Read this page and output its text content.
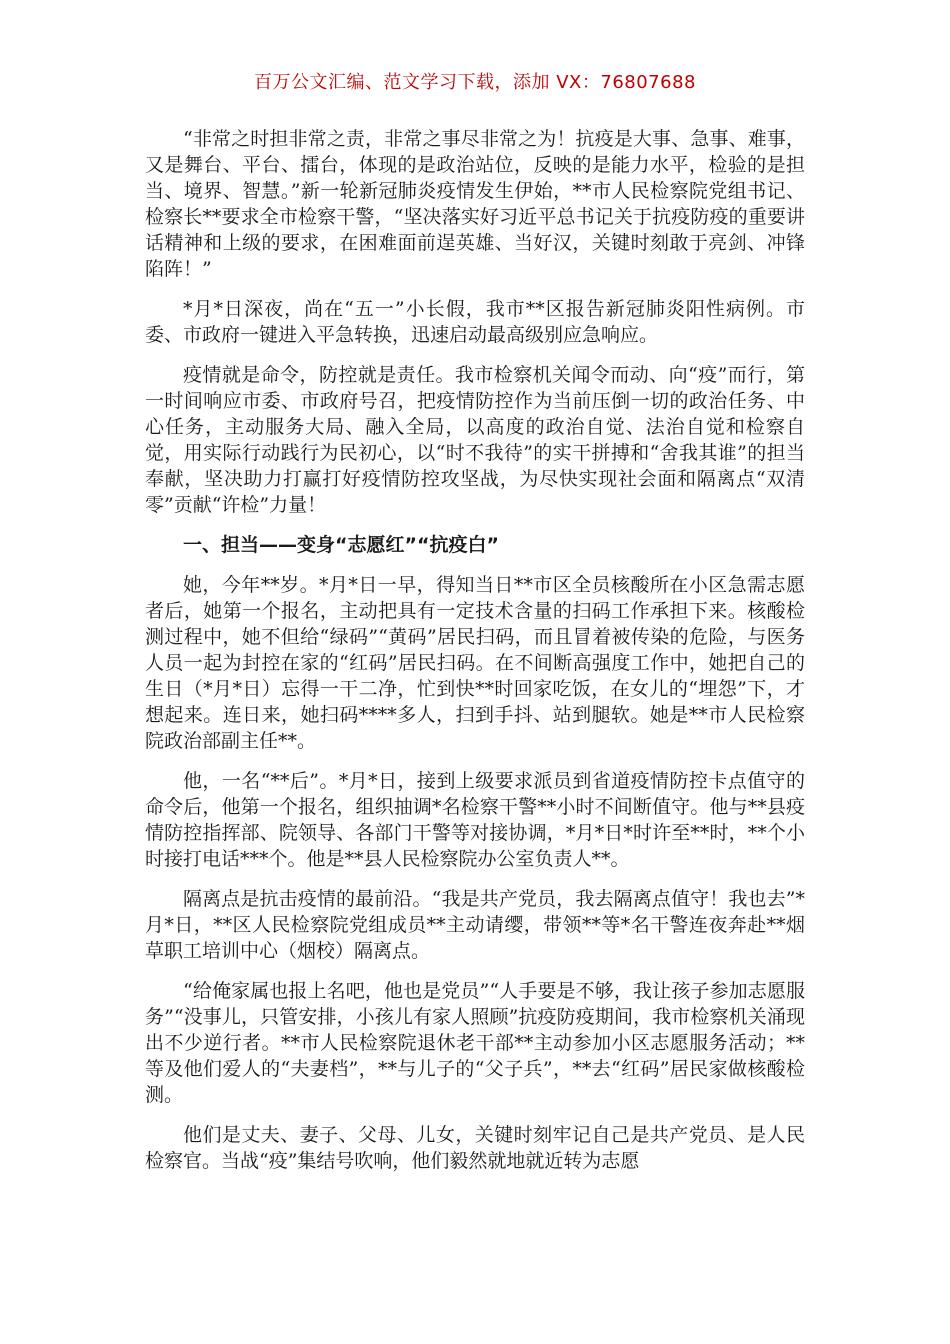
百万公文汇编、范文学习下载，添加 VX：76807688

“非常之时担非常之责，非常之事尽非常之为！抗疫是大事、急事、难事，又是舞台、平台、擂台，体现的是政治站位，反映的是能力水平，检验的是担当、境界、智慧。”新一轮新冠肺炎疫情发生伊始，**市人民检察院党组书记、检察长**要求全市检察干警，“坚决落实好习近平总书记关于抗疫防疫的重要讲话精神和上级的要求，在困难面前逞英雄、当好汉，关键时刻敢于亮剑、冲锋陷阵！”

*月*日深夜，尚在“五一”小长假，我市**区报告新冠肺炎阳性病例。市委、市政府一键进入平急转换，迅速启动最高级别应急响应。

疫情就是命令，防控就是责任。我市检察机关闻令而动、向“疫”而行，第一时间响应市委、市政府号召，把疫情防控作为当前压倒一切的政治任务、中心任务，主动服务大局、融入全局，以高度的政治自觉、法治自觉和检察自觉，用实际行动践行为民初心，以“时不我待”的实干拼搏和“舍我其谁”的担当奉献，坚决助力打赢打好疫情防控攻坚战，为尽快实现社会面和隔离点“双清零”贡献“许检”力量！

一、担当——变身“志愿红”“抗疫白”

她，今年**岁。*月*日一早，得知当日**市区全员核酸所在小区急需志愿者后，她第一个报名，主动把具有一定技术含量的扫码工作承担下来。核酸检测过程中，她不但给“绿码”“黄码”居民扫码，而且冒着被传染的危险，与医务人员一起为封控在家的“红码”居民扫码。在不间断高强度工作中，她把自己的生日（*月*日）忘得一干二净，忙到快**时回家吃饭，在女儿的“埋怨”下，才想起来。连日来，她扫码****多人，扫到手抖、站到腿软。她是**市人民检察院政治部副主任**。

他，一名“**后”。*月*日，接到上级要求派员到省道疫情防控卡点值守的命令后，他第一个报名，组织抽调*名检察干警**小时不间断值守。他与**县疫情防控指挥部、院领导、各部门干警等对接协调，*月*日*时许至**时，**个小时接打电话***个。他是**县人民检察院办公室负责人**。

隔离点是抗击疫情的最前沿。“我是共产党员，我去隔离点值守！我也去”*月*日，**区人民检察院党组成员**主动请缨，带领**等*名干警连夜奔赴**烟草职工培训中心（烟校）隔离点。

“给俺家属也报上名吧，他也是党员”“人手要是不够，我让孩子参加志愿服务”“没事儿，只管安排，小孩儿有家人照顾”抗疫防疫期间，我市检察机关涌现出不少逆行者。**市人民检察院退休老干部**主动参加小区志愿服务活动；**等及他们爱人的“夫妻档”，**与儿子的“父子兵”，**去“红码”居民家做核酸检测。

他们是丈夫、妻子、父母、儿女，关键时刻牢记自己是共产党员、是人民检察官。当战“疫”集结号吹响，他们毅然就地就近转为志愿
